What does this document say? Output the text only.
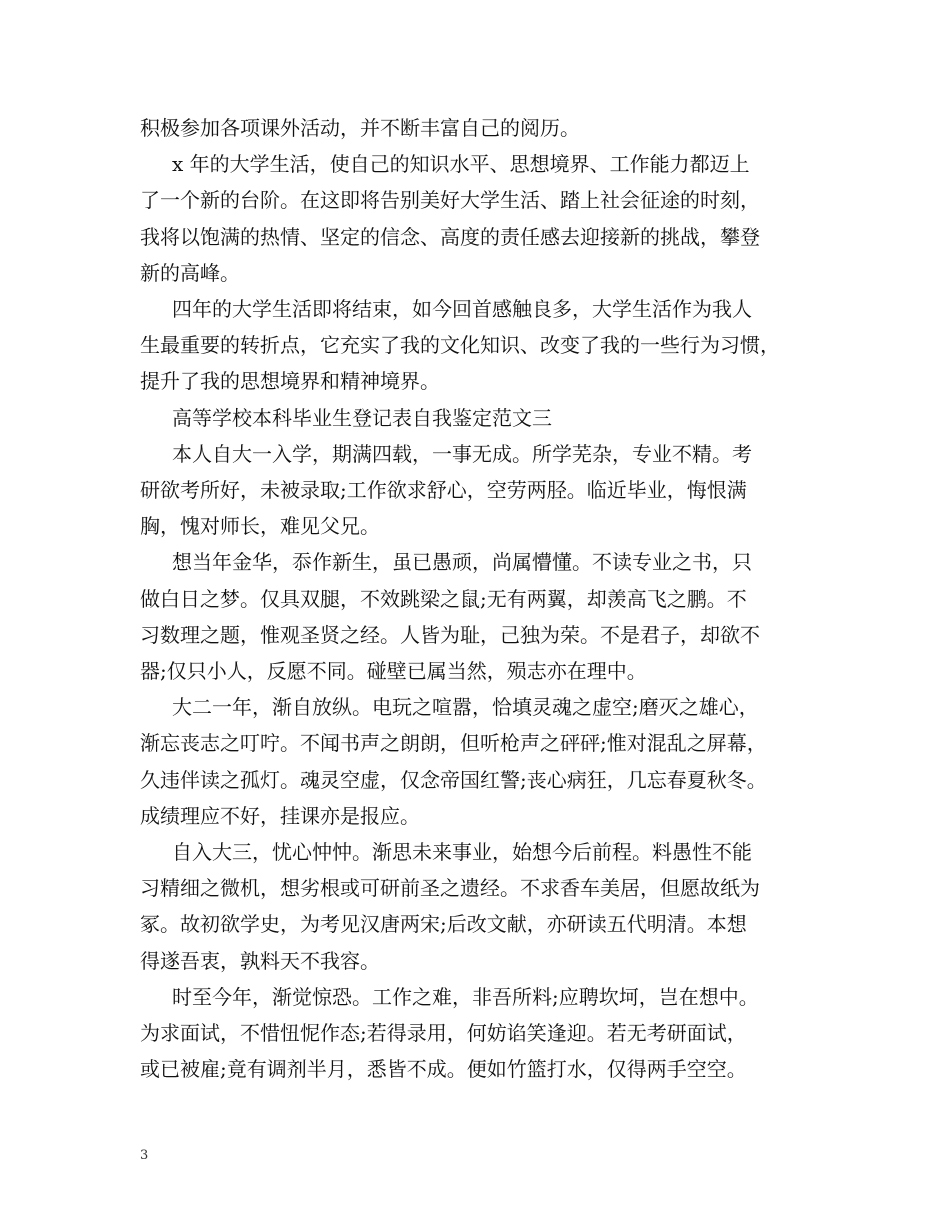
积极参加各项课外活动，并不断丰富自己的阅历。

x 年的大学生活，使自己的知识水平、思想境界、工作能力都迈上
了一个新的台阶。在这即将告别美好大学生活、踏上社会征途的时刻，
我将以饱满的热情、坚定的信念、高度的责任感去迎接新的挑战，攀登
新的高峰。

四年的大学生活即将结束，如今回首感触良多，大学生活作为我人
生最重要的转折点，它充实了我的文化知识、改变了我的一些行为习惯，
提升了我的思想境界和精神境界。

高等学校本科毕业生登记表自我鉴定范文三

本人自大一入学，期满四载，一事无成。所学芜杂，专业不精。考
研欲考所好，未被录取;工作欲求舒心，空劳两胫。临近毕业，悔恨满
胸，愧对师长，难见父兄。

想当年金华，忝作新生，虽已愚顽，尚属懵懂。不读专业之书，只
做白日之梦。仅具双腿，不效跳梁之鼠;无有两翼，却羡高飞之鹏。不
习数理之题，惟观圣贤之经。人皆为耻，己独为荣。不是君子，却欲不
器;仅只小人，反愿不同。碰壁已属当然，殒志亦在理中。

大二一年，渐自放纵。电玩之喧嚣，恰填灵魂之虚空;磨灭之雄心，
渐忘丧志之叮咛。不闻书声之朗朗，但听枪声之砰砰;惟对混乱之屏幕，
久违伴读之孤灯。魂灵空虚，仅念帝国红警;丧心病狂，几忘春夏秋冬。
成绩理应不好，挂课亦是报应。

自入大三，忧心忡忡。渐思未来事业，始想今后前程。料愚性不能
习精细之微机，想劣根或可研前圣之遗经。不求香车美居，但愿故纸为
冢。故初欲学史，为考见汉唐两宋;后改文献，亦研读五代明清。本想
得遂吾衷，孰料天不我容。

时至今年，渐觉惊恐。工作之难，非吾所料;应聘坎坷，岂在想中。
为求面试，不惜忸怩作态;若得录用，何妨谄笑逢迎。若无考研面试，
或已被雇;竟有调剂半月，悉皆不成。便如竹篮打水，仅得两手空空。

3
